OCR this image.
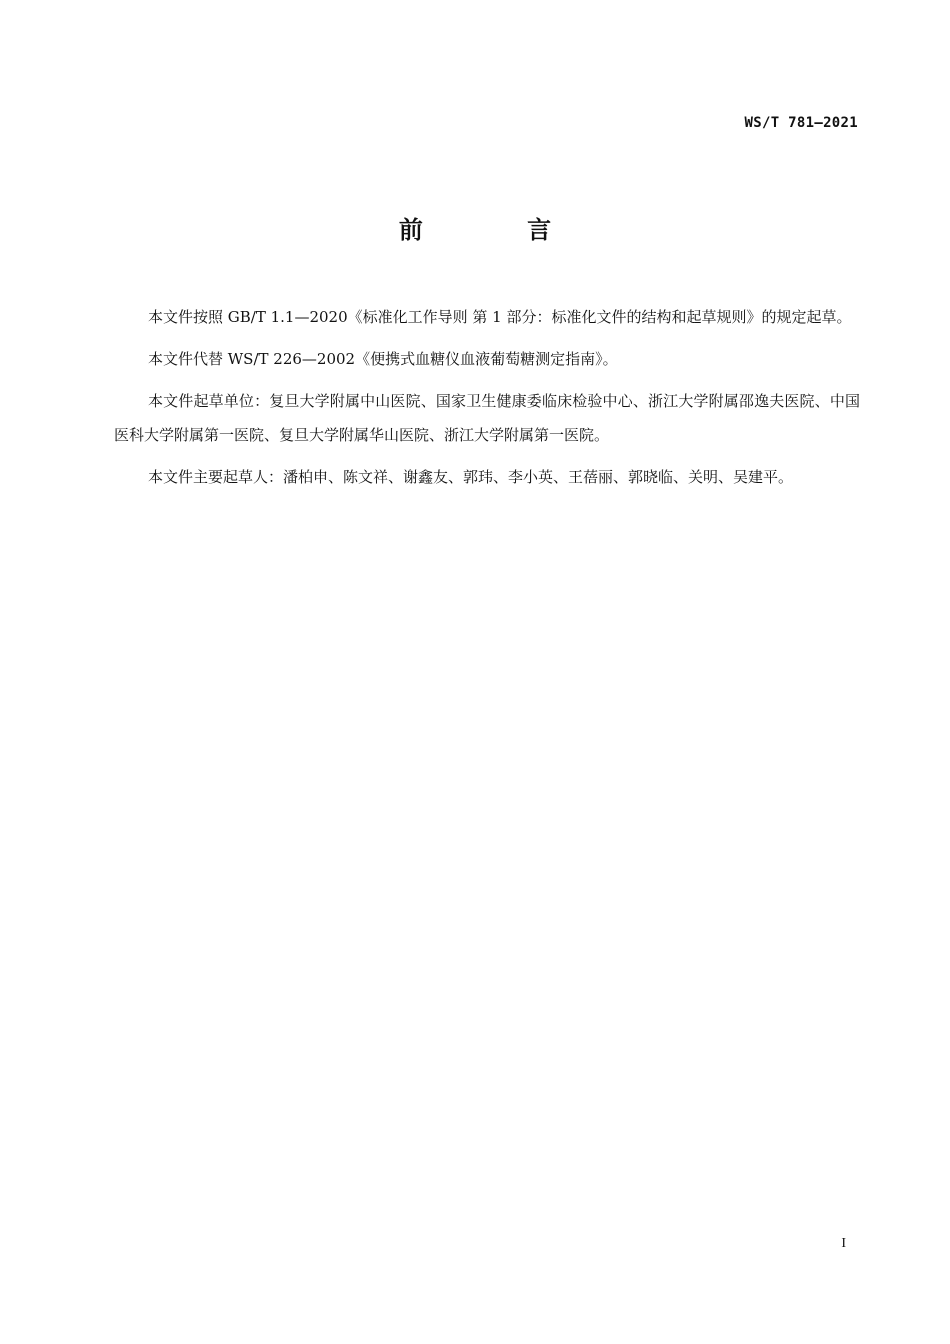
WS/T 781—2021
前 言

本文件按照 GB/T 1.1—2020《标准化工作导则 第 1 部分：标准化文件的结构和起草规则》的规定起草。

本文件代替 WS/T 226—2002《便携式血糖仪血液葡萄糖测定指南》。

本文件起草单位：复旦大学附属中山医院、国家卫生健康委临床检验中心、浙江大学附属邵逸夫医院、中国医科大学附属第一医院、复旦大学附属华山医院、浙江大学附属第一医院。

本文件主要起草人：潘柏申、陈文祥、谢鑫友、郭玮、李小英、王蓓丽、郭晓临、关明、吴建平。

I
